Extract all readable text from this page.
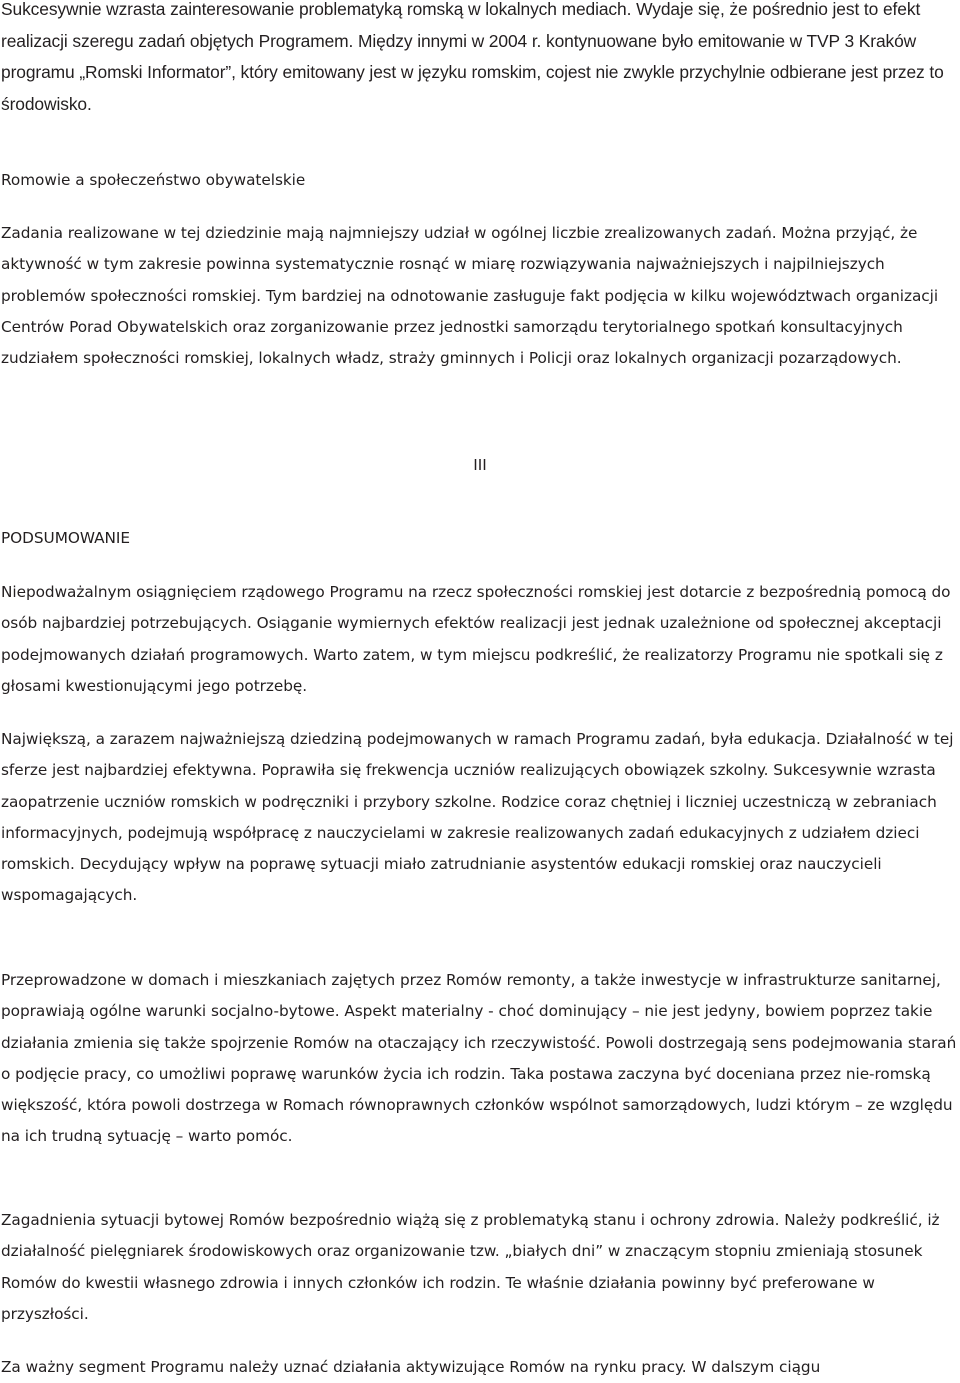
Sukcesywnie wzrasta zainteresowanie problematyką romską w lokalnych mediach. Wydaje się, że pośrednio jest to efekt realizacji szeregu zadań objętych Programem. Między innymi w 2004 r. kontynuowane było emitowanie w TVP 3 Kraków programu „Romski Informator”, który emitowany jest w języku romskim, cojest nie zwykle przychylnie odbierane jest przez to środowisko.

Romowie a społeczeństwo obywatelskie

Zadania realizowane w tej dziedzinie mają najmniejszy udział w ogólnej liczbie zrealizowanych zadań. Można przyjąć, że aktywność w tym zakresie powinna systematycznie rosnąć w miarę rozwiązywania najważniejszych i najpilniejszych problemów społeczności romskiej. Tym bardziej na odnotowanie zasługuje fakt podjęcia w kilku województwach organizacji Centrów Porad Obywatelskich oraz zorganizowanie przez jednostki samorządu terytorialnego spotkań konsultacyjnych zudziałem społeczności romskiej, lokalnych władz, straży gminnych i Policji oraz lokalnych organizacji pozarządowych.

III

PODSUMOWANIE

Niepodważalnym osiągnięciem rządowego Programu na rzecz społeczności romskiej jest dotarcie z bezpośrednią pomocą do osób najbardziej potrzebujących. Osiąganie wymiernych efektów realizacji jest jednak uzależnione od społecznej akceptacji podejmowanych działań programowych. Warto zatem, w tym miejscu podkreślić, że realizatorzy Programu nie spotkali się z głosami kwestionującymi jego potrzebę.

Największą, a zarazem najważniejszą dziedziną podejmowanych w ramach Programu zadań, była edukacja. Działalność w tej sferze jest najbardziej efektywna. Poprawiła się frekwencja uczniów realizujących obowiązek szkolny. Sukcesywnie wzrasta zaopatrzenie uczniów romskich w podręczniki i przybory szkolne. Rodzice coraz chętniej i liczniej uczestniczą w zebraniach informacyjnych, podejmują współpracę z nauczycielami w zakresie realizowanych zadań edukacyjnych z udziałem dzieci romskich. Decydujący wpływ na poprawę sytuacji miało zatrudnianie asystentów edukacji romskiej oraz nauczycieli wspomagających.

Przeprowadzone w domach i mieszkaniach zajętych przez Romów remonty, a także inwestycje w infrastrukturze sanitarnej, poprawiają ogólne warunki socjalno-bytowe. Aspekt materialny - choć dominujący – nie jest jedyny, bowiem poprzez takie działania zmienia się także spojrzenie Romów na otaczający ich rzeczywistość. Powoli dostrzegają sens podejmowania starań o podjęcie pracy, co umożliwi poprawę warunków życia ich rodzin. Taka postawa zaczyna być doceniana przez nie-romską większość, która powoli dostrzega w Romach równoprawnych członków wspólnot samorządowych, ludzi którym – ze względu na ich trudną sytuację – warto pomóc.

Zagadnienia sytuacji bytowej Romów bezpośrednio wiążą się z problematyką stanu i ochrony zdrowia. Należy podkreślić, iż działalność pielęgniarek środowiskowych oraz organizowanie tzw. „białych dni” w znaczącym stopniu zmieniają stosunek Romów do kwestii własnego zdrowia i innych członków ich rodzin. Te właśnie działania powinny być preferowane w przyszłości.

Za ważny segment Programu należy uznać działania aktywizujące Romów na rynku pracy. W dalszym ciągu
